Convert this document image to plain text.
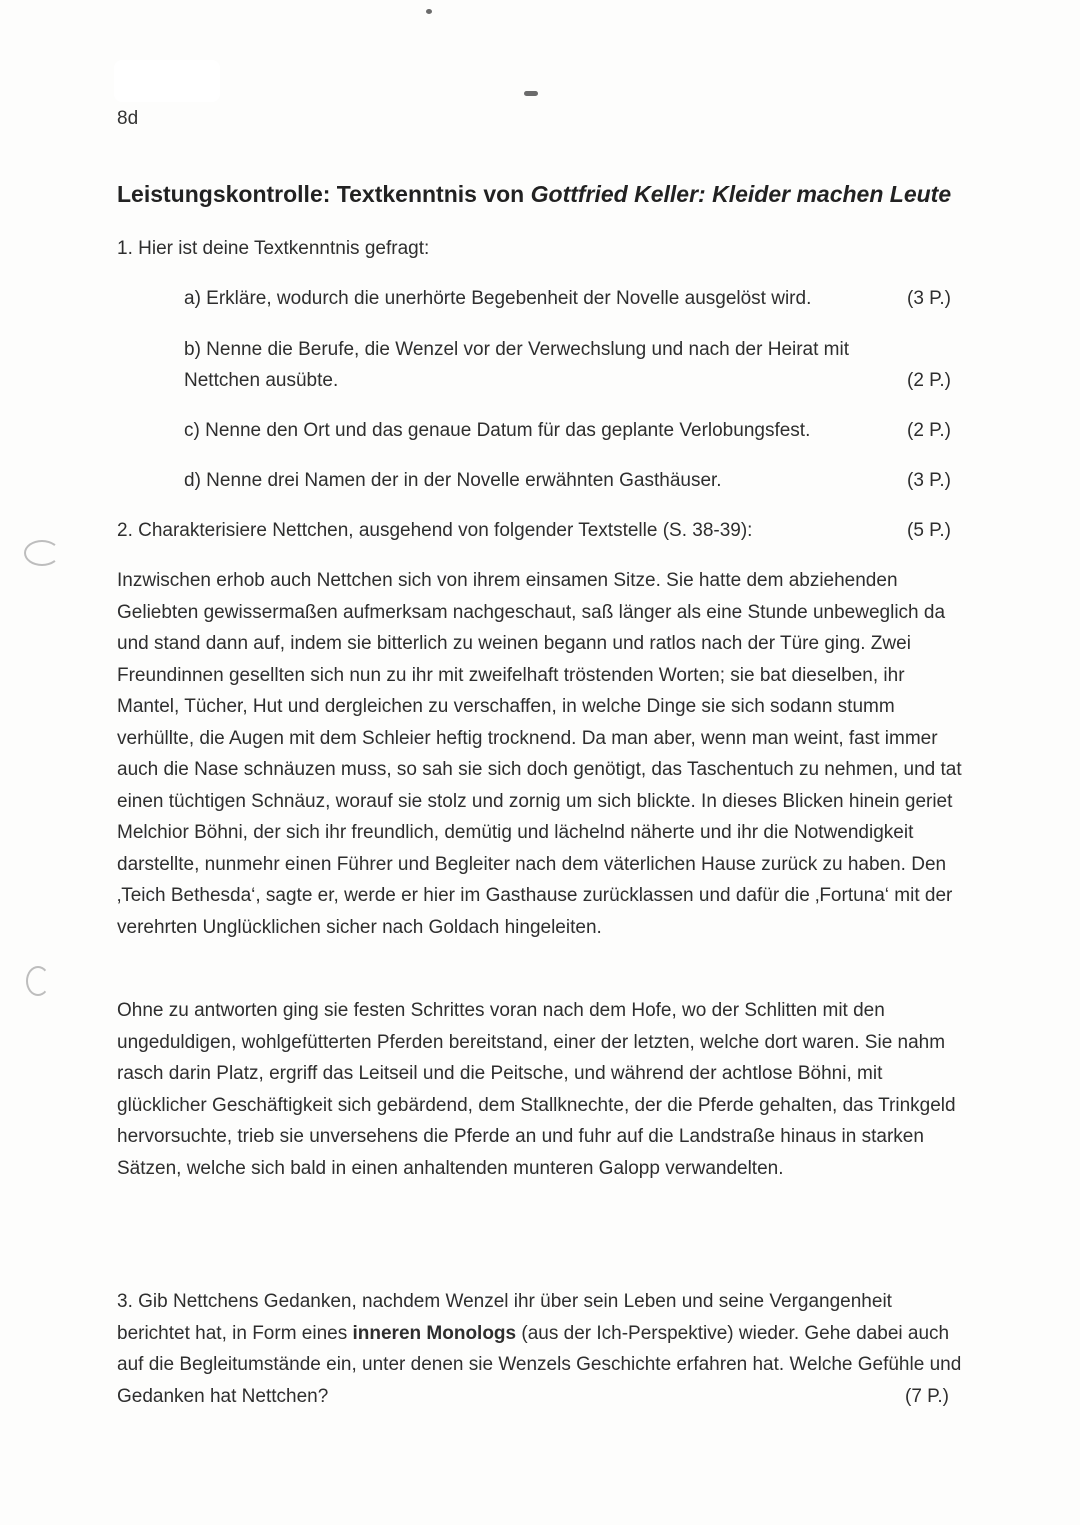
8d
Leistungskontrolle: Textkenntnis von Gottfried Keller: Kleider machen Leute
1. Hier ist deine Textkenntnis gefragt:
a) Erkläre, wodurch die unerhörte Begebenheit der Novelle ausgelöst wird.	(3 P.)
b) Nenne die Berufe, die Wenzel vor der Verwechslung und nach der Heirat mit
Nettchen ausübte.	(2 P.)
c) Nenne den Ort und das genaue Datum für das geplante Verlobungsfest.	(2 P.)
d) Nenne drei Namen der in der Novelle erwähnten Gasthäuser.	(3 P.)
2. Charakterisiere Nettchen, ausgehend von folgender Textstelle (S. 38-39):	(5 P.)
Inzwischen erhob auch Nettchen sich von ihrem einsamen Sitze. Sie hatte dem abziehenden Geliebten gewissermaßen aufmerksam nachgeschaut, saß länger als eine Stunde unbeweglich da und stand dann auf, indem sie bitterlich zu weinen begann und ratlos nach der Türe ging. Zwei Freundinnen gesellten sich nun zu ihr mit zweifelhaft tröstenden Worten; sie bat dieselben, ihr Mantel, Tücher, Hut und dergleichen zu verschaffen, in welche Dinge sie sich sodann stumm verhüllte, die Augen mit dem Schleier heftig trocknend. Da man aber, wenn man weint, fast immer auch die Nase schnäuzen muss, so sah sie sich doch genötigt, das Taschentuch zu nehmen, und tat einen tüchtigen Schnäuz, worauf sie stolz und zornig um sich blickte. In dieses Blicken hinein geriet Melchior Böhni, der sich ihr freundlich, demütig und lächelnd näherte und ihr die Notwendigkeit darstellte, nunmehr einen Führer und Begleiter nach dem väterlichen Hause zurück zu haben. Den ‚Teich Bethesda‘, sagte er, werde er hier im Gasthause zurücklassen und dafür die ‚Fortuna‘ mit der verehrten Unglücklichen sicher nach Goldach hingeleiten.
Ohne zu antworten ging sie festen Schrittes voran nach dem Hofe, wo der Schlitten mit den ungeduldigen, wohlgefütterten Pferden bereitstand, einer der letzten, welche dort waren. Sie nahm rasch darin Platz, ergriff das Leitseil und die Peitsche, und während der achtlose Böhni, mit glücklicher Geschäftigkeit sich gebärdend, dem Stallknechte, der die Pferde gehalten, das Trinkgeld hervorsuchte, trieb sie unversehens die Pferde an und fuhr auf die Landstraße hinaus in starken Sätzen, welche sich bald in einen anhaltenden munteren Galopp verwandelten.
3. Gib Nettchens Gedanken, nachdem Wenzel ihr über sein Leben und seine Vergangenheit berichtet hat, in Form eines inneren Monologs (aus der Ich-Perspektive) wieder. Gehe dabei auch auf die Begleitumstände ein, unter denen sie Wenzels Geschichte erfahren hat. Welche Gefühle und Gedanken hat Nettchen?	(7 P.)
